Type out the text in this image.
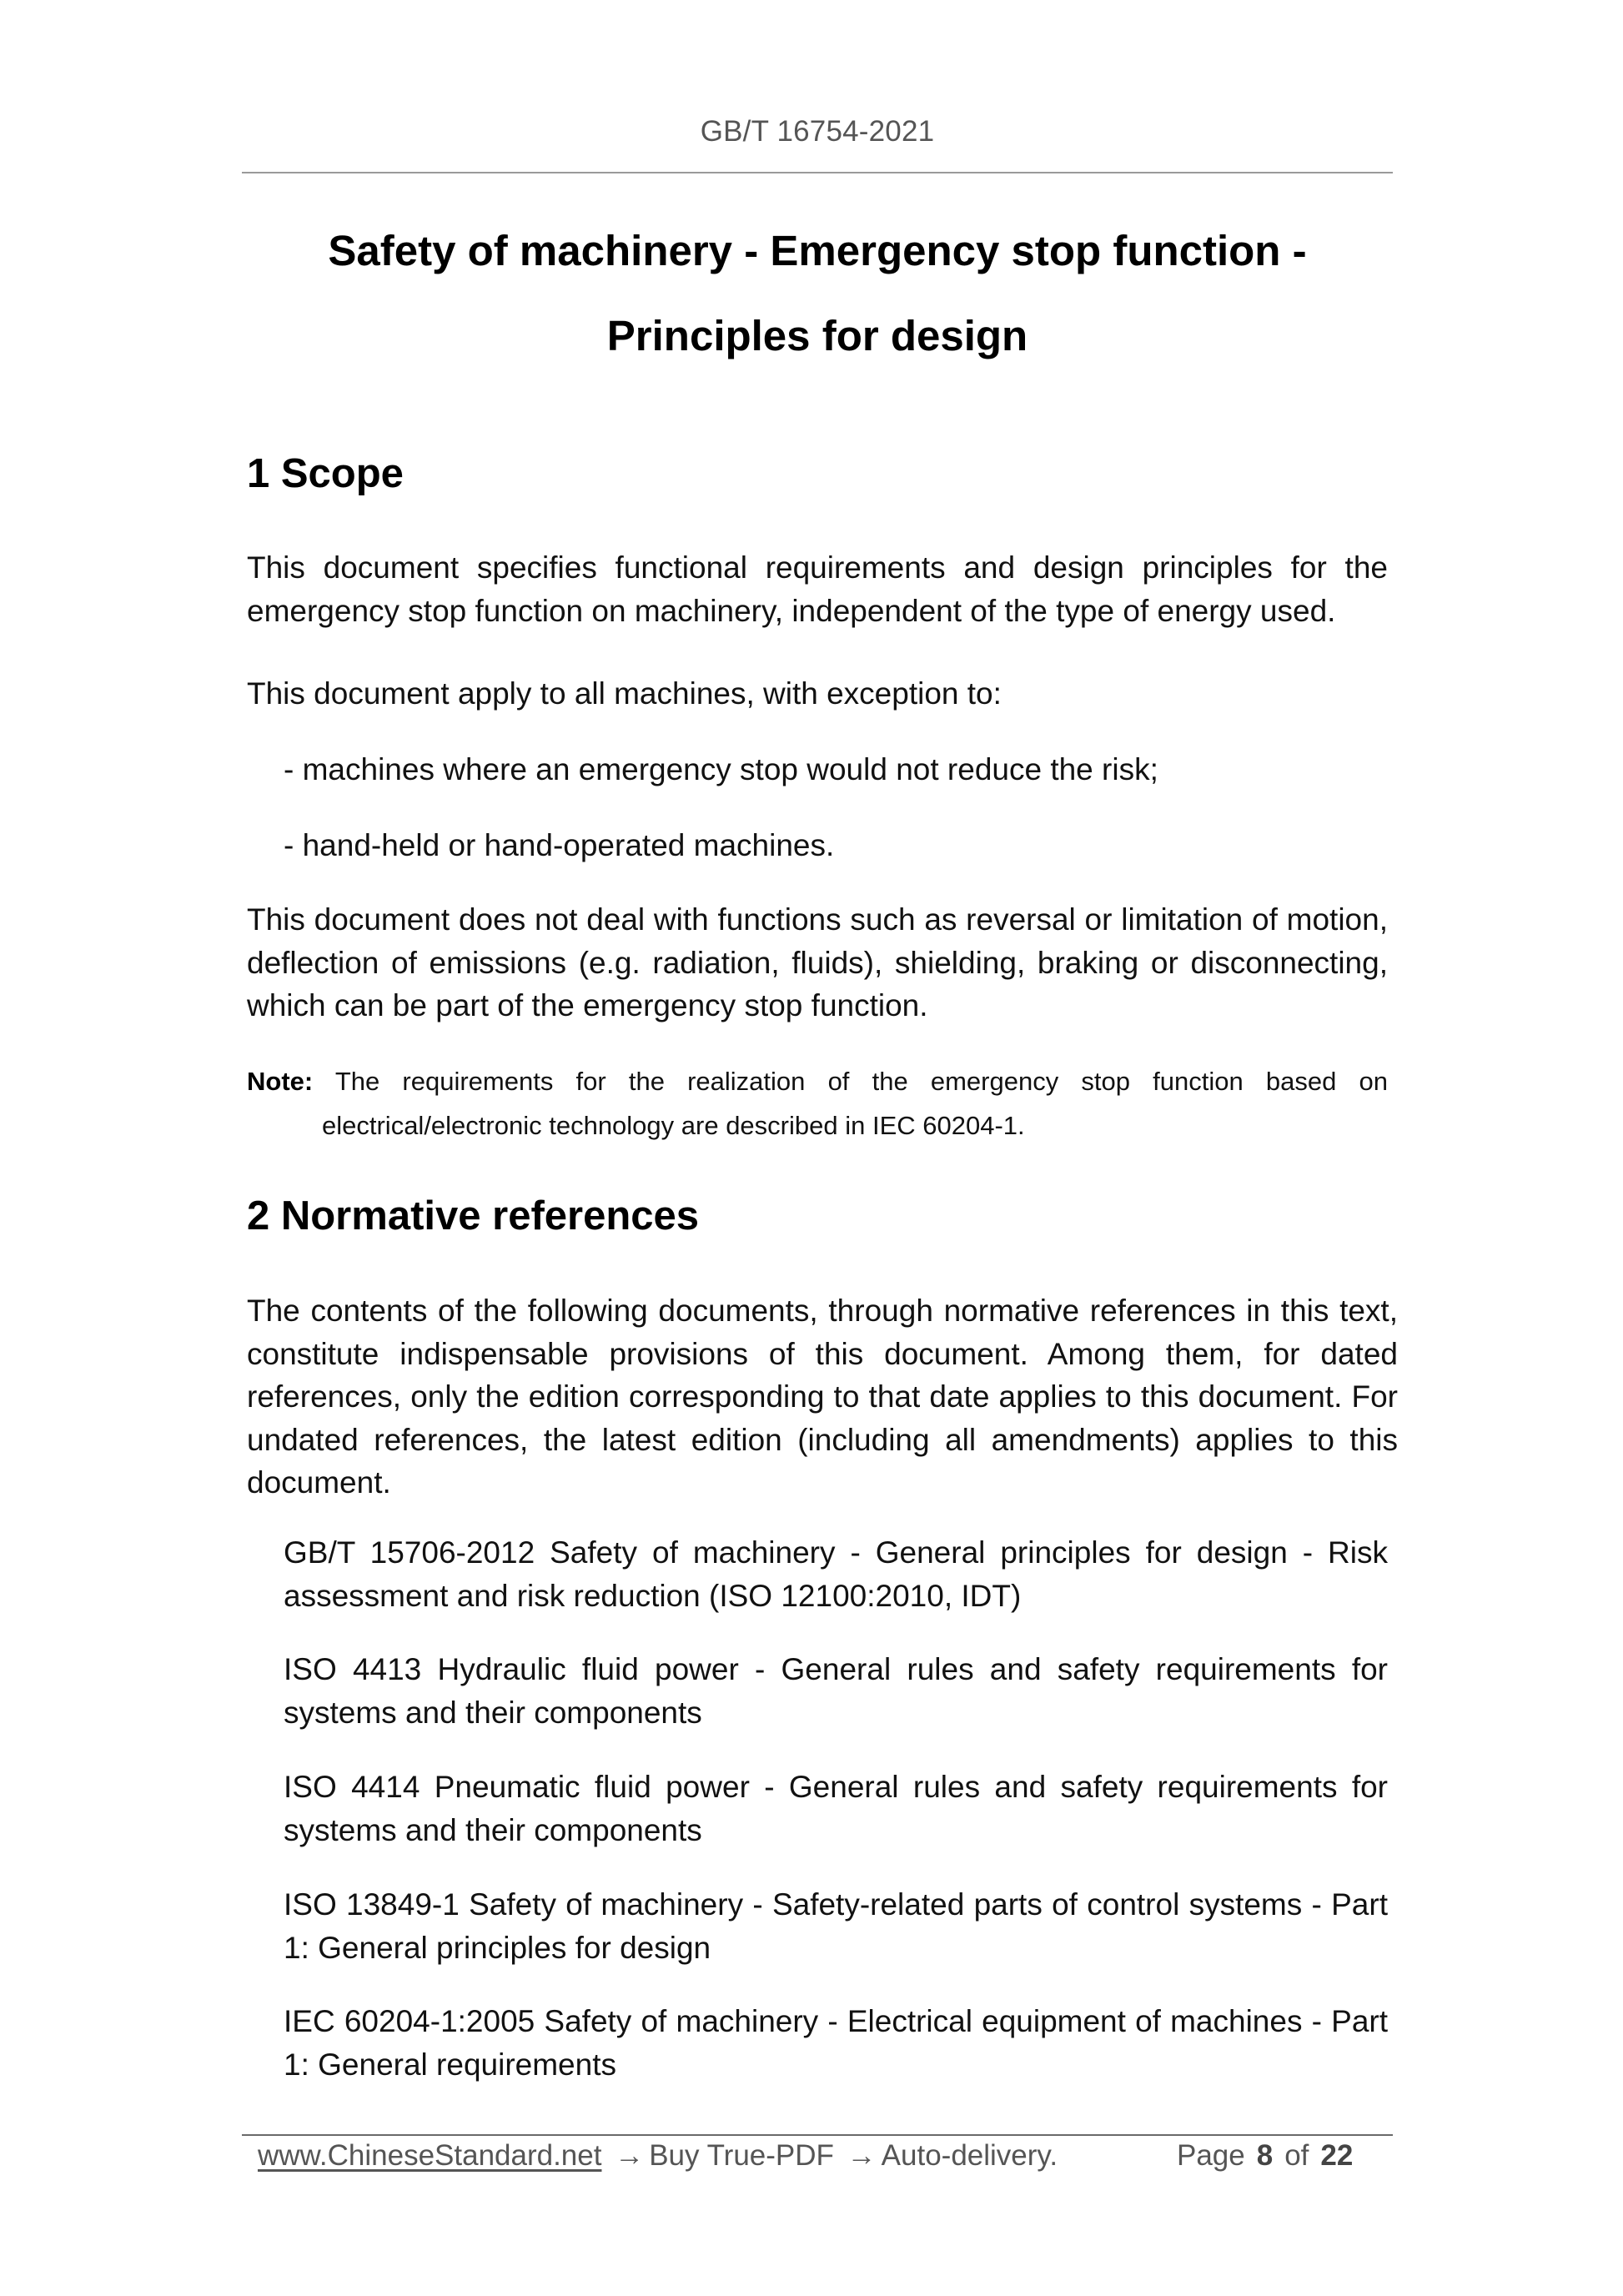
GB/T 16754-2021
Safety of machinery - Emergency stop function -
Principles for design
1 Scope
This document specifies functional requirements and design principles for the emergency stop function on machinery, independent of the type of energy used.
This document apply to all machines, with exception to:
- machines where an emergency stop would not reduce the risk;
- hand-held or hand-operated machines.
This document does not deal with functions such as reversal or limitation of motion, deflection of emissions (e.g. radiation, fluids), shielding, braking or disconnecting, which can be part of the emergency stop function.
Note: The requirements for the realization of the emergency stop function based on
electrical/electronic technology are described in IEC 60204-1.
2 Normative references
The contents of the following documents, through normative references in this text, constitute indispensable provisions of this document. Among them, for dated references, only the edition corresponding to that date applies to this document. For undated references, the latest edition (including all amendments) applies to this document.
GB/T 15706-2012 Safety of machinery - General principles for design - Risk assessment and risk reduction (ISO 12100:2010, IDT)
ISO 4413 Hydraulic fluid power - General rules and safety requirements for systems and their components
ISO 4414 Pneumatic fluid power - General rules and safety requirements for systems and their components
ISO 13849-1 Safety of machinery - Safety-related parts of control systems - Part 1: General principles for design
IEC 60204-1:2005 Safety of machinery - Electrical equipment of machines - Part 1: General requirements
www.ChineseStandard.net → Buy True-PDF → Auto-delivery.	Page 8 of 22
